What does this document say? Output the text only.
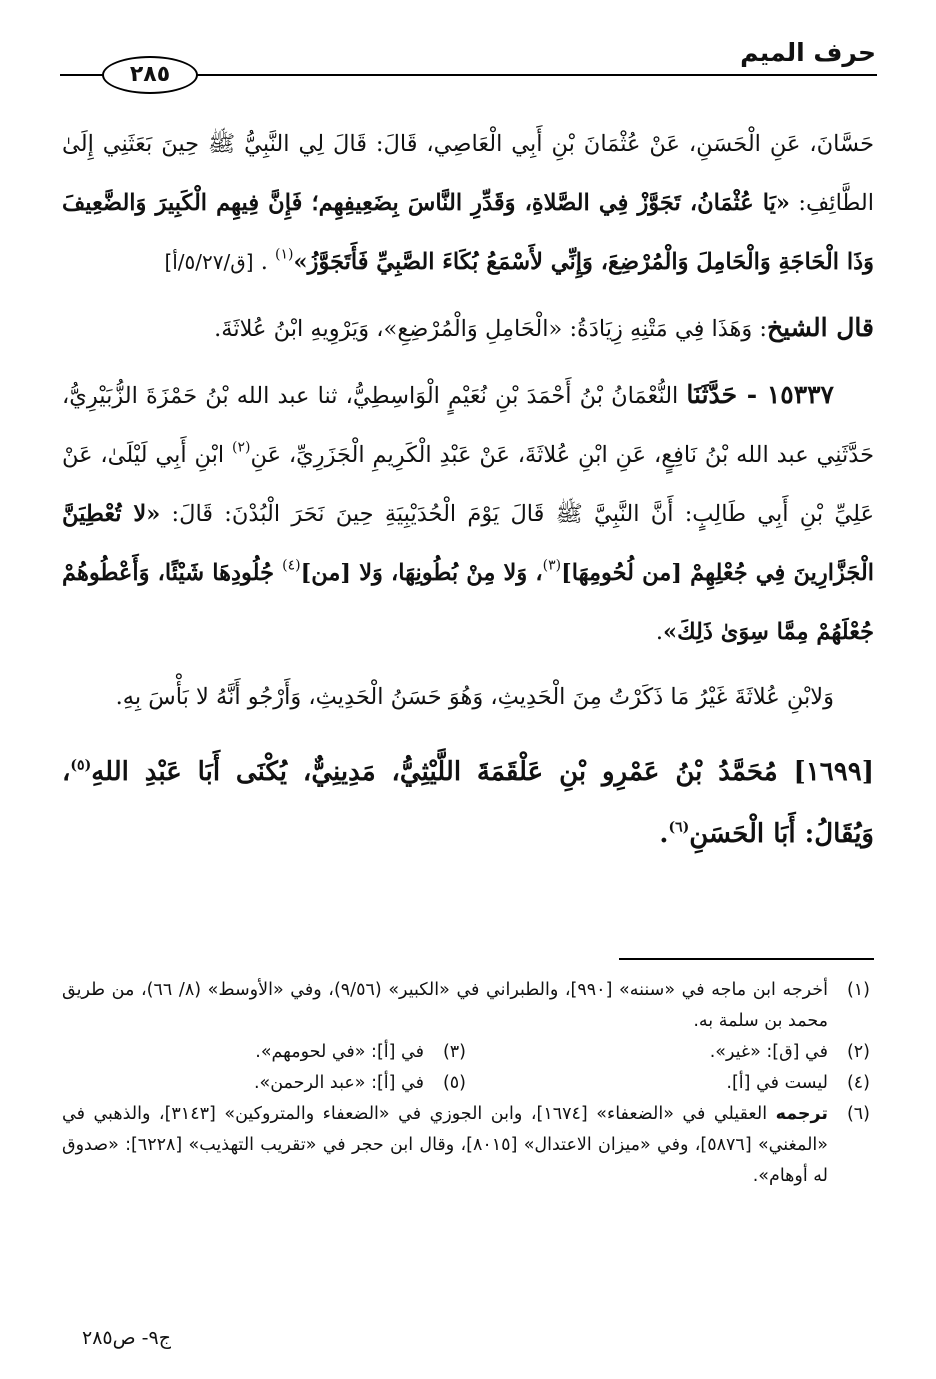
حرف الميم
٢٨٥

حَسَّانَ، عَنِ الْحَسَنِ، عَنْ عُثْمَانَ بْنِ أَبِي الْعَاصِي، قَالَ: قَالَ لِي النَّبِيُّ ﷺ حِينَ بَعَثَنِي إِلَىٰ الطَّائِفِ: «يَا عُثْمَانُ، تَجَوَّزْ فِي الصَّلاةِ، وَقَدِّرِ النَّاسَ بِضَعِيفِهِم؛ فَإِنَّ فِيهِم الْكَبِيرَ وَالضَّعِيفَ وَذَا الْحَاجَةِ وَالْحَامِلَ وَالْمُرْضِعَ، وَإِنِّي لأَسْمَعُ بُكَاءَ الصَّبِيِّ فَأَتَجَوَّزُ»$^{(١)}$ . [ق/٥/٢٧/أ]

قال الشيخ: وَهَذَا فِي مَتْنِهِ زِيَادَةُ: «الْحَامِلِ وَالْمُرْضِعِ»، وَيَرْوِيهِ ابْنُ عُلاثَةَ.

١٥٣٣٧ - حَدَّثَنَا النُّعْمَانُ بْنُ أَحْمَدَ بْنِ نُعَيْمٍ الْوَاسِطِيُّ، ثنا عبد الله بْنُ حَمْزَةَ الزُّبَيْرِيُّ، حَدَّثَنِي عبد الله بْنُ نَافِعٍ، عَنِ ابْنِ عُلاثَةَ، عَنْ عَبْدِ الْكَرِيمِ الْجَزَرِيِّ، عَنِ$^{(٢)}$ ابْنِ أَبِي لَيْلَىٰ، عَنْ عَلِيِّ بْنِ أَبِي طَالِبٍ: أَنَّ النَّبِيَّ ﷺ قَالَ يَوْمَ الْحُدَيْبِيَةِ حِينَ نَحَرَ الْبُدْنَ: قَالَ: «لا تُعْطِيَنَّ الْجَزَّارِينَ فِي جُعْلِهِمْ [من لُحُومِهَا]$^{(٣)}$، وَلا مِنْ بُطُونِهَا، وَلا [من]$^{(٤)}$ جُلُودِهَا شَيْئًا، وَأَعْطُوهُمْ جُعْلَهُمْ مِمَّا سِوَىٰ ذَلِكَ».

وَلابْنِ عُلاثَةَ غَيْرُ مَا ذَكَرْتُ مِنَ الْحَدِيثِ، وَهُوَ حَسَنُ الْحَدِيثِ، وَأَرْجُو أَنَّهُ لا بَأْسَ بِهِ.

[١٦٩٩] مُحَمَّدُ بْنُ عَمْرِو بْنِ عَلْقَمَةَ اللَّيْثِيُّ، مَدِينِيٌّ، يُكْنَى أَبَا عَبْدِ اللهِ$^{(٥)}$، وَيُقَالُ: أَبَا الْحَسَنِ$^{(٦)}$.

(١)
أخرجه ابن ماجه في «سننه» [٩٩٠]، والطبراني في «الكبير» (٩/٥٦)، وفي «الأوسط» (٨/ ٦٦)، من طريق محمد بن سلمة به.
(٢)
في [ق]: «غير».
(٣)
في [أ]: «في لحومهم».
(٤)
ليست في [أ].
(٥)
في [أ]: «عبد الرحمن».
(٦)
ترجمه العقيلي في «الضعفاء» [١٦٧٤]، وابن الجوزي في «الضعفاء والمتروكين» [٣١٤٣]، والذهبي في «المغني» [٥٨٧٦]، وفي «ميزان الاعتدال» [٨٠١٥]، وقال ابن حجر في «تقريب التهذيب» [٦٢٢٨]: «صدوق له أوهام».
ج٩- ص٢٨٥
